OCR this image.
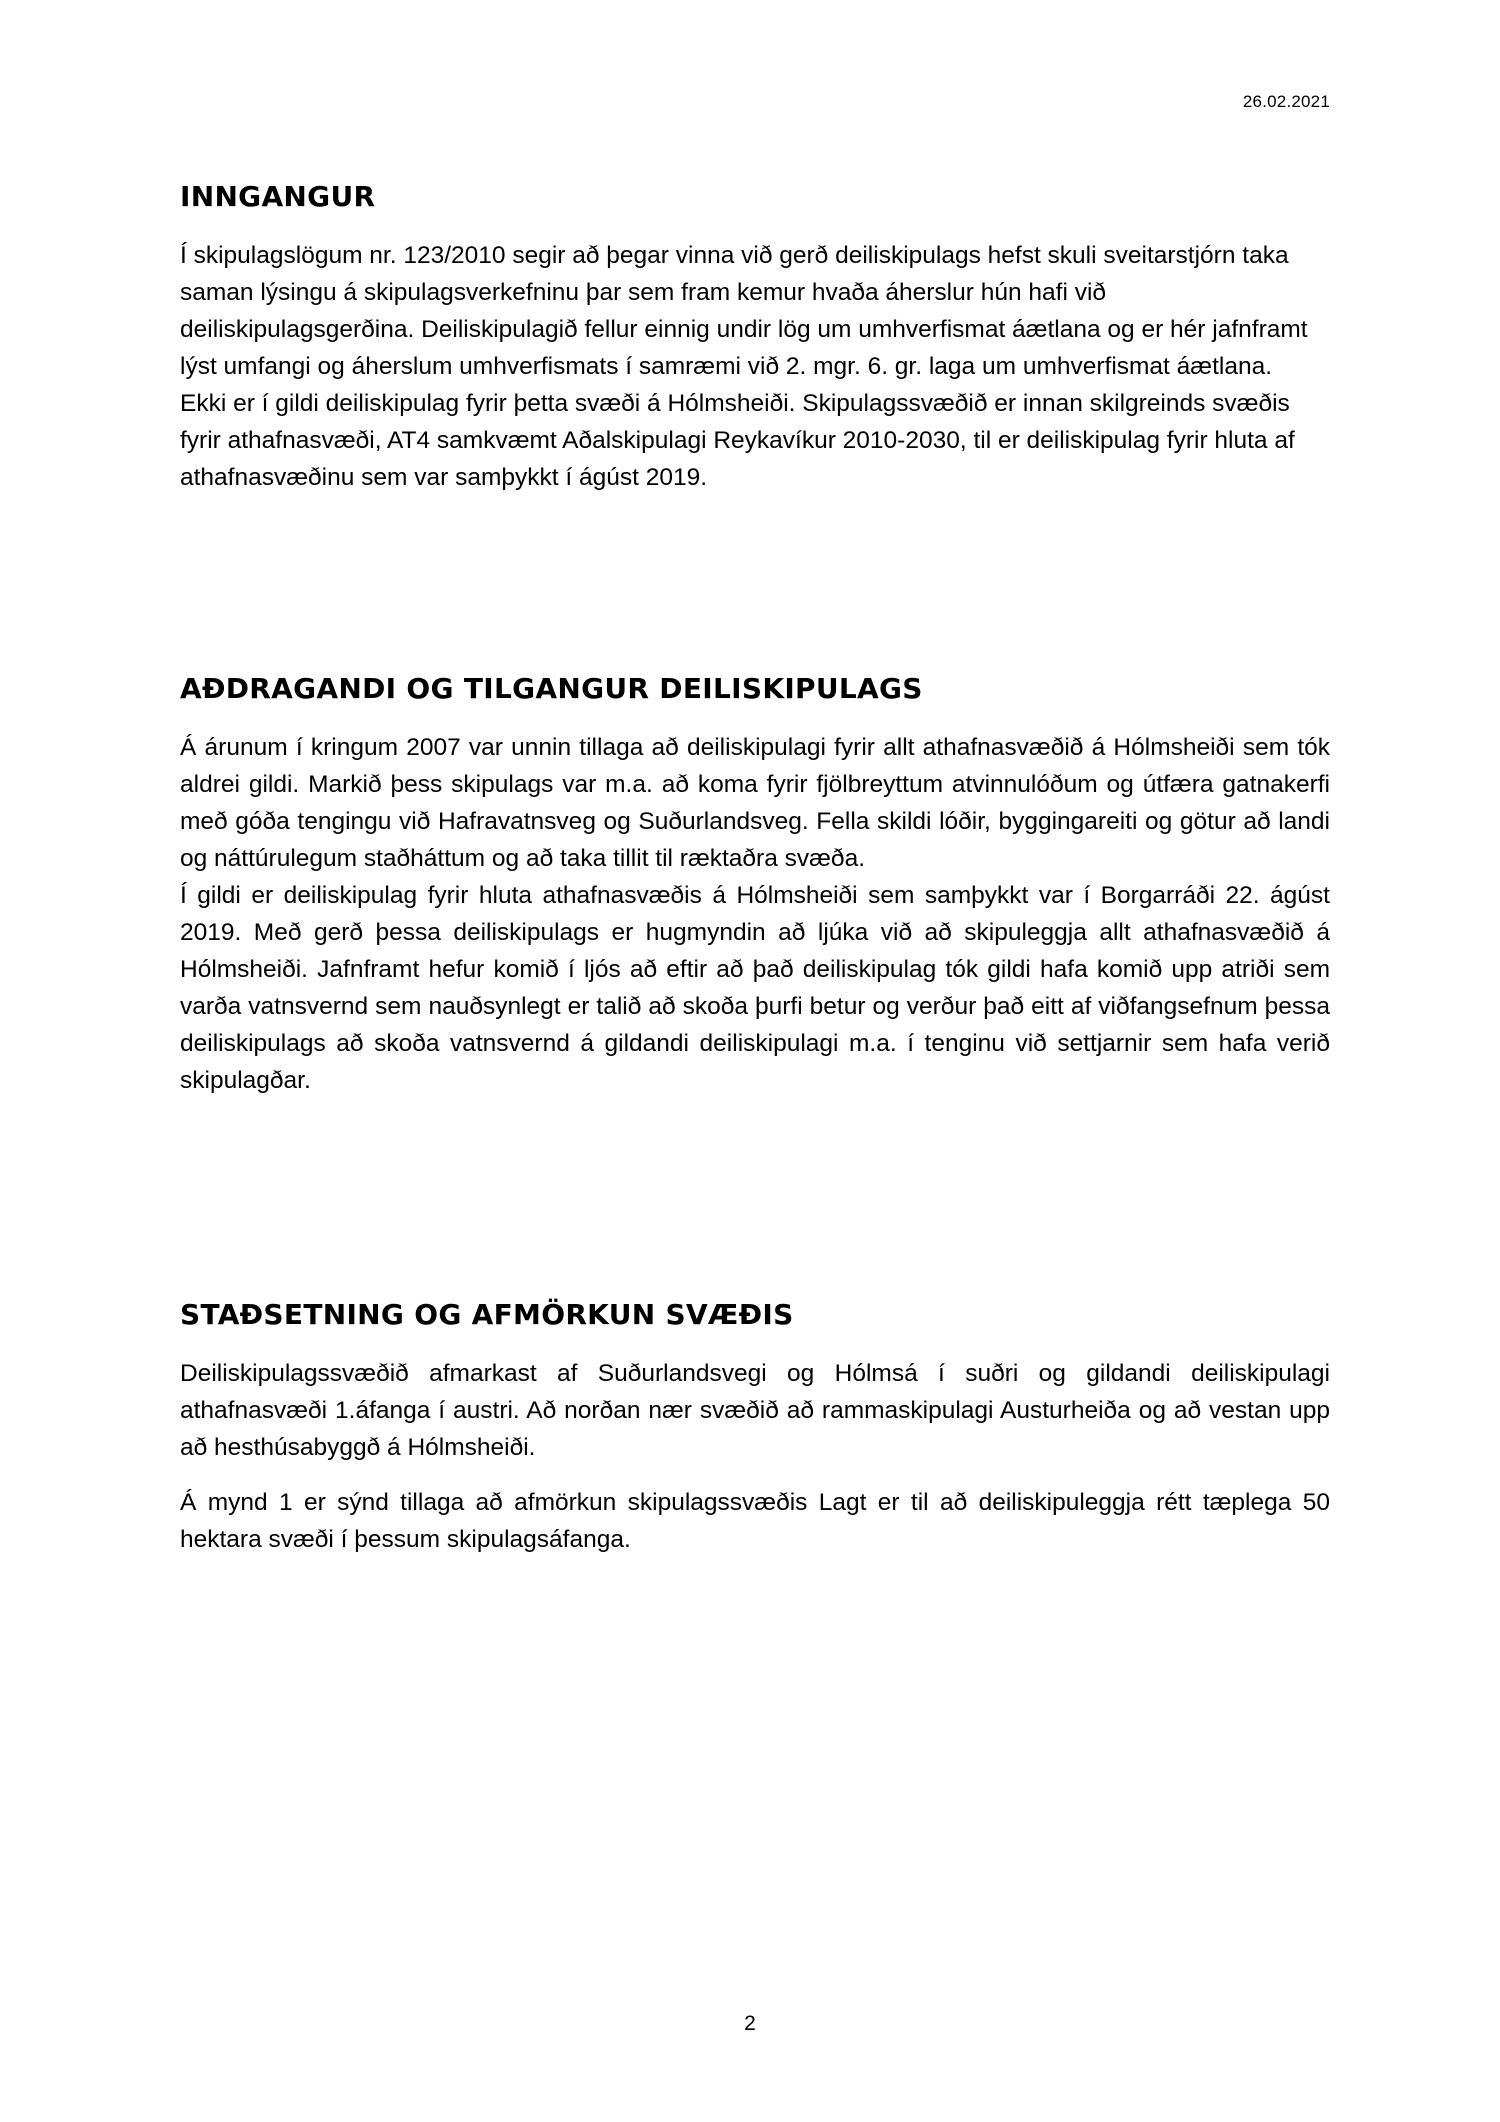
26.02.2021
INNGANGUR

Í skipulagslögum nr. 123/2010 segir að þegar vinna við gerð deiliskipulags hefst skuli sveitarstjórn taka saman lýsingu á skipulagsverkefninu þar sem fram kemur hvaða áherslur hún hafi við deiliskipulagsgerðina. Deiliskipulagið fellur einnig undir lög um umhverfismat áætlana og er hér jafnframt lýst umfangi og áherslum umhverfismats í samræmi við 2. mgr. 6. gr. laga um umhverfismat áætlana.

Ekki er í gildi deiliskipulag fyrir þetta svæði á Hólmsheiði. Skipulagssvæðið er innan skilgreinds svæðis fyrir athafnasvæði, AT4 samkvæmt Aðalskipulagi Reykavíkur 2010-2030, til er deiliskipulag fyrir hluta af athafnasvæðinu sem var samþykkt í ágúst 2019.

AÐDRAGANDI OG TILGANGUR DEILISKIPULAGS

Á árunum í kringum 2007 var unnin tillaga að deiliskipulagi fyrir allt athafnasvæðið á Hólmsheiði sem tók aldrei gildi. Markið þess skipulags var m.a. að koma fyrir fjölbreyttum atvinnulóðum og útfæra gatnakerfi með góða tengingu við Hafravatnsveg og Suðurlandsveg. Fella skildi lóðir, byggingareiti og götur að landi og náttúrulegum staðháttum og að taka tillit til ræktaðra svæða.

Í gildi er deiliskipulag fyrir hluta athafnasvæðis á Hólmsheiði sem samþykkt var í Borgarráði 22. ágúst 2019. Með gerð þessa deiliskipulags er hugmyndin að ljúka við að skipuleggja allt athafnasvæðið á Hólmsheiði. Jafnframt hefur komið í ljós að eftir að það deiliskipulag tók gildi hafa komið upp atriði sem varða vatnsvernd sem nauðsynlegt er talið að skoða þurfi betur og verður það eitt af viðfangsefnum þessa deiliskipulags að skoða vatnsvernd á gildandi deiliskipulagi m.a. í tenginu við settjarnir sem hafa verið skipulagðar.

STAÐSETNING OG AFMÖRKUN SVÆÐIS

Deiliskipulagssvæðið afmarkast af Suðurlandsvegi og Hólmsá í suðri og gildandi deiliskipulagi athafnasvæði 1.áfanga í austri. Að norðan nær svæðið að rammaskipulagi Austurheiða og að vestan upp að hesthúsabyggð á Hólmsheiði.

Á mynd 1 er sýnd tillaga að afmörkun skipulagssvæðis Lagt er til að deiliskipuleggja rétt tæplega 50 hektara svæði í þessum skipulagsáfanga.

2
